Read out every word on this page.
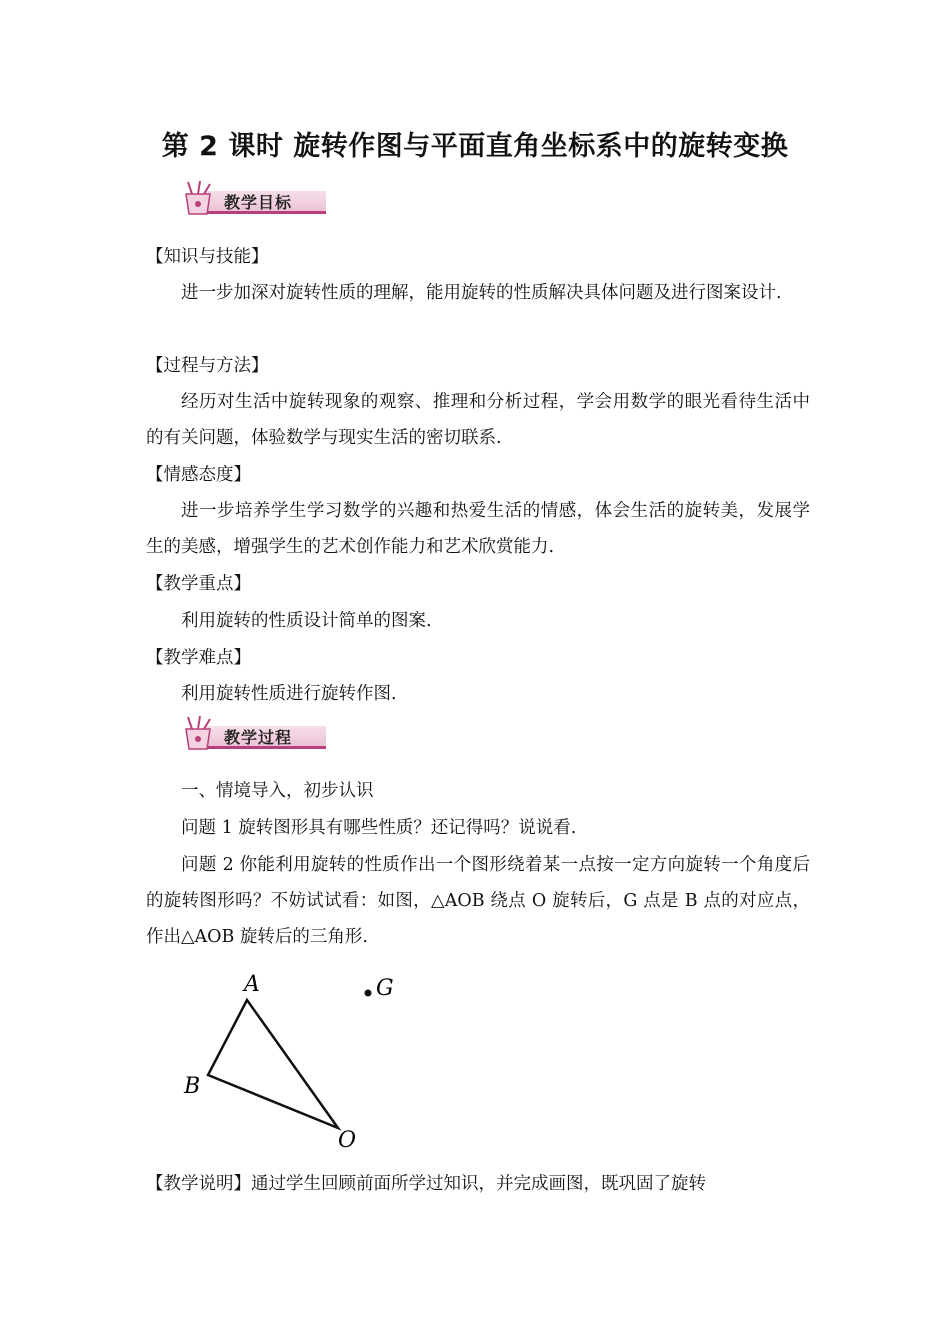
第 2 课时 旋转作图与平面直角坐标系中的旋转变换
教学目标
【知识与技能】
进一步加深对旋转性质的理解，能用旋转的性质解决具体问题及进行图案设计.
【过程与方法】
经历对生活中旋转现象的观察、推理和分析过程，学会用数学的眼光看待生活中的有关问题，体验数学与现实生活的密切联系.
【情感态度】
进一步培养学生学习数学的兴趣和热爱生活的情感，体会生活的旋转美，发展学生的美感，增强学生的艺术创作能力和艺术欣赏能力.
【教学重点】
利用旋转的性质设计简单的图案.
【教学难点】
利用旋转性质进行旋转作图.
教学过程
一、情境导入，初步认识
问题 1 旋转图形具有哪些性质？还记得吗？说说看.
问题 2 你能利用旋转的性质作出一个图形绕着某一点按一定方向旋转一个角度后的旋转图形吗？不妨试试看：如图，△AOB 绕点 O 旋转后，G 点是 B 点的对应点，作出△AOB 旋转后的三角形.
A
B
O
G
【教学说明】通过学生回顾前面所学过知识，并完成画图，既巩固了旋转
